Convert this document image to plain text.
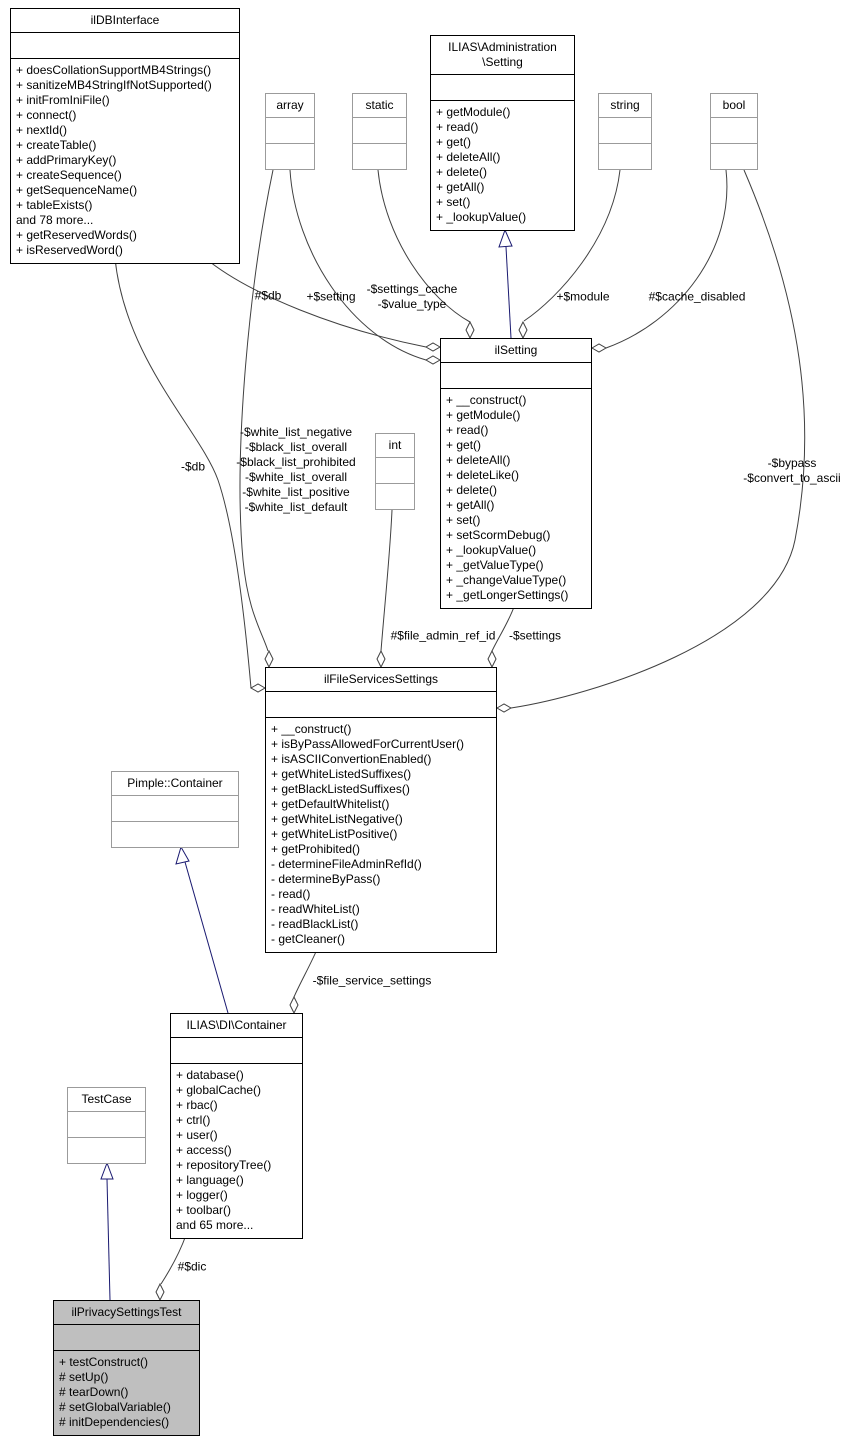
ilDBInterface
+ doesCollationSupportMB4Strings()
+ sanitizeMB4StringIfNotSupported()
+ initFromIniFile()
+ connect()
+ nextId()
+ createTable()
+ addPrimaryKey()
+ createSequence()
+ getSequenceName()
+ tableExists()
and 78 more...
+ getReservedWords()
+ isReservedWord()
array	static
ILIAS\Administration
\Setting
+ getModule()
+ read()
+ get()
+ deleteAll()
+ delete()
+ getAll()
+ set()
+ _lookupValue()
string	bool
ilSetting
+ __construct()
+ getModule()
+ read()
+ get()
+ deleteAll()
+ deleteLike()
+ delete()
+ getAll()
+ set()
+ setScormDebug()
+ _lookupValue()
+ _getValueType()
+ _changeValueType()
+ _getLongerSettings()
int
ilFileServicesSettings
+ __construct()
+ isByPassAllowedForCurrentUser()
+ isASCIIConvertionEnabled()
+ getWhiteListedSuffixes()
+ getBlackListedSuffixes()
+ getDefaultWhitelist()
+ getWhiteListNegative()
+ getWhiteListPositive()
+ getProhibited()
- determineFileAdminRefId()
- determineByPass()
- read()
- readWhiteList()
- readBlackList()
- getCleaner()
Pimple::Container
ILIAS\DI\Container
+ database()
+ globalCache()
+ rbac()
+ ctrl()
+ user()
+ access()
+ repositoryTree()
+ language()
+ logger()
+ toolbar()
and 65 more...
TestCase
ilPrivacySettingsTest
+ testConstruct()
# setUp()
# tearDown()
# setGlobalVariable()
# initDependencies()
#$db +$setting
-$settings_cache
-$value_type
+$module	#$cache_disabled
-$db
-$white_list_negative
-$black_list_overall
-$black_list_prohibited
-$white_list_overall
-$white_list_positive
-$white_list_default
-$bypass
-$convert_to_ascii
#$file_admin_ref_id -$settings
-$file_service_settings
#$dic
